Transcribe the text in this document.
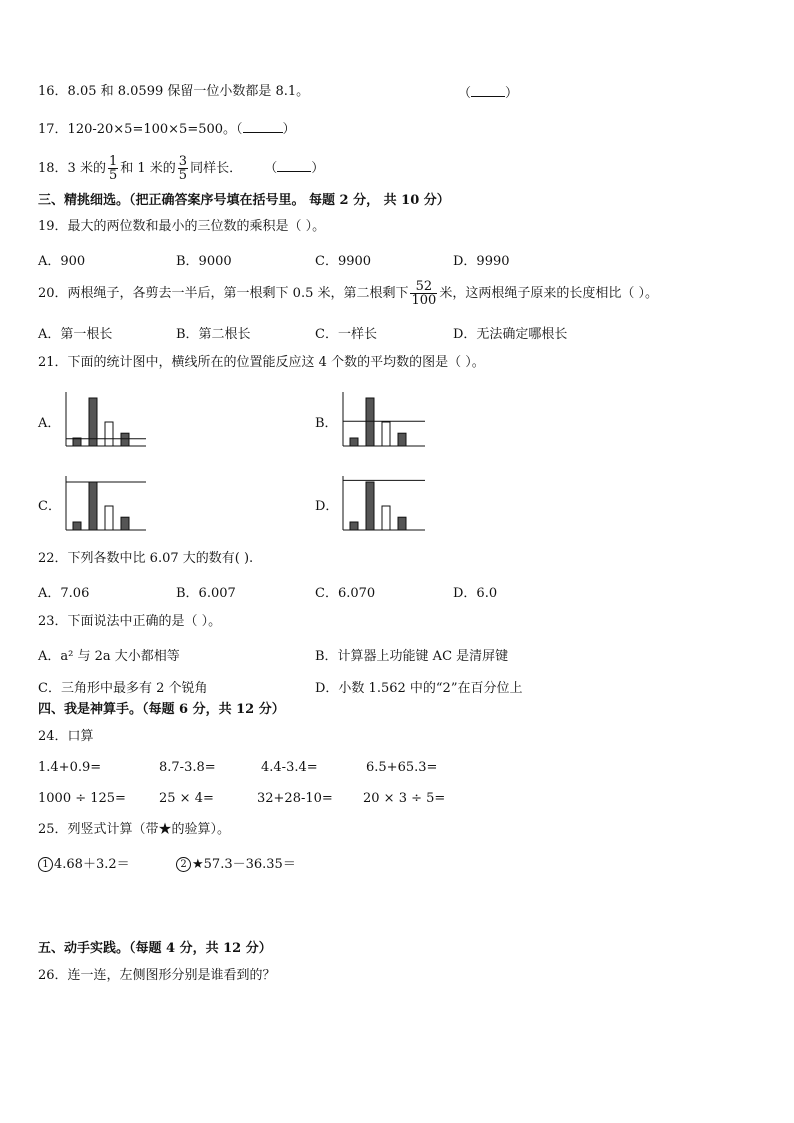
16．8.05 和 8.0599 保留一位小数都是 8.1。	（	）
17．120-20×5=100×5=500。（	）
18．3 米的 $\frac{1}{5}$ 和 1 米的 $\frac{3}{5}$ 同样长． （	）
三、精挑细选。（把正确答案序号填在括号里。 每题 2 分， 共 10 分）
19．最大的两位数和最小的三位数的乘积是（ ）。
A．900	B．9000	C．9900	D．9990
20．两根绳子，各剪去一半后，第一根剩下 0.5 米，第二根剩下 $\frac{52}{100}$ 米，这两根绳子原来的长度相比（ ）。
A．第一根长	B．第二根长	C．一样长	D．无法确定哪根长
21．下面的统计图中，横线所在的位置能反应这 4 个数的平均数的图是（ ）。
A．	B．
C．	D．
22．下列各数中比 6.07 大的数有( ).
A．7.06	B．6.007	C．6.070	D．6.0
23．下面说法中正确的是（ ）。
A．a² 与 2a 大小都相等	B．计算器上功能键 AC 是清屏键
C．三角形中最多有 2 个锐角	D．小数 1.562 中的“2”在百分位上
四、我是神算手。（每题 6 分，共 12 分）
24．口算
1.4+0.9=	8.7-3.8=	4.4-3.4=	6.5+65.3=
1000 ÷ 125=	25 × 4=	32+28-10= 20 × 3 ÷ 5=
25．列竖式计算（带★的验算）。
1 4.68＋3.2＝	2 ★57.3－36.35＝
五、动手实践。（每题 4 分，共 12 分）
26．连一连，左侧图形分别是谁看到的？
